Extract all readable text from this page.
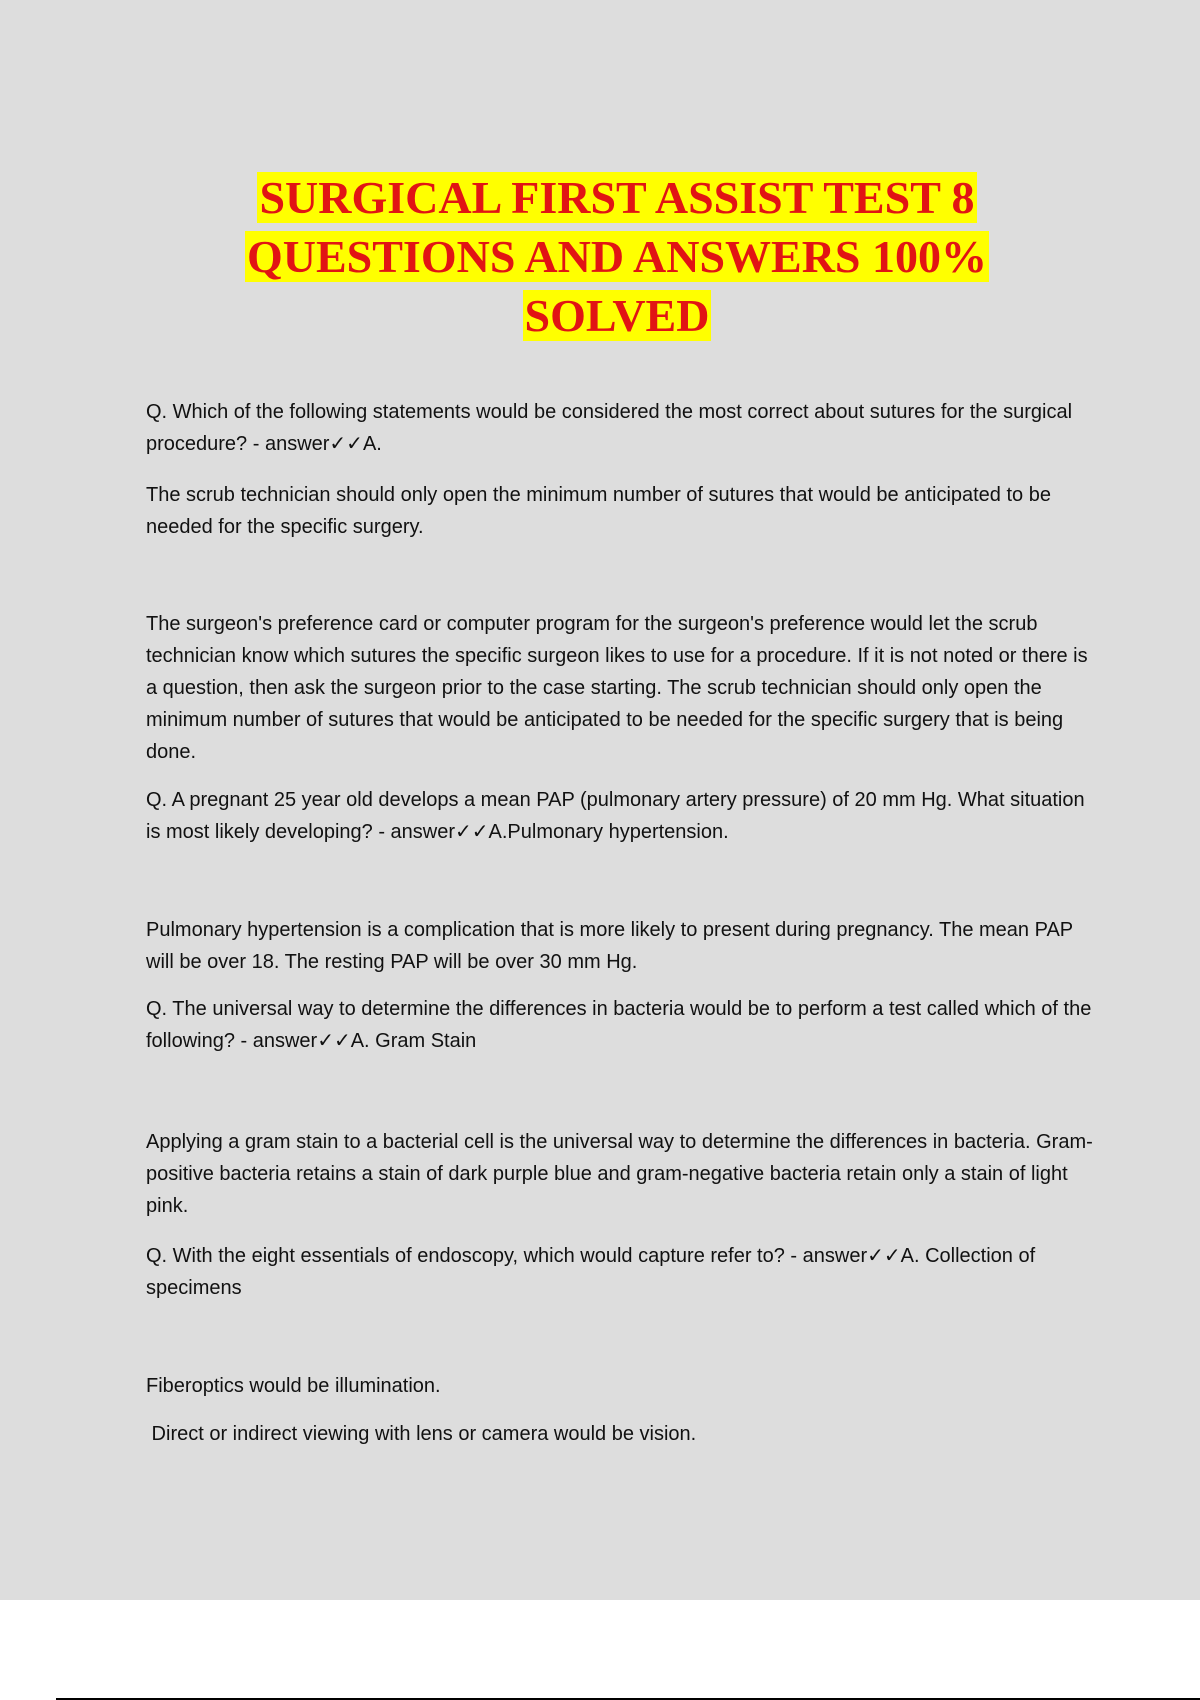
SURGICAL FIRST ASSIST TEST 8
QUESTIONS AND ANSWERS 100%
SOLVED

Q. Which of the following statements would be considered the most correct about sutures for the surgical procedure? - answer✓✓A.

The scrub technician should only open the minimum number of sutures that would be anticipated to be needed for the specific surgery.

The surgeon's preference card or computer program for the surgeon's preference would let the scrub technician know which sutures the specific surgeon likes to use for a procedure. If it is not noted or there is a question, then ask the surgeon prior to the case starting. The scrub technician should only open the minimum number of sutures that would be anticipated to be needed for the specific surgery that is being done.

Q. A pregnant 25 year old develops a mean PAP (pulmonary artery pressure) of 20 mm Hg. What situation is most likely developing? - answer✓✓A.Pulmonary hypertension.

Pulmonary hypertension is a complication that is more likely to present during pregnancy. The mean PAP will be over 18. The resting PAP will be over 30 mm Hg.

Q. The universal way to determine the differences in bacteria would be to perform a test called which of the following? - answer✓✓A. Gram Stain

Applying a gram stain to a bacterial cell is the universal way to determine the differences in bacteria. Gram-positive bacteria retains a stain of dark purple blue and gram-negative bacteria retain only a stain of light pink.

Q. With the eight essentials of endoscopy, which would capture refer to? - answer✓✓A. Collection of specimens

Fiberoptics would be illumination.

Direct or indirect viewing with lens or camera would be vision.
